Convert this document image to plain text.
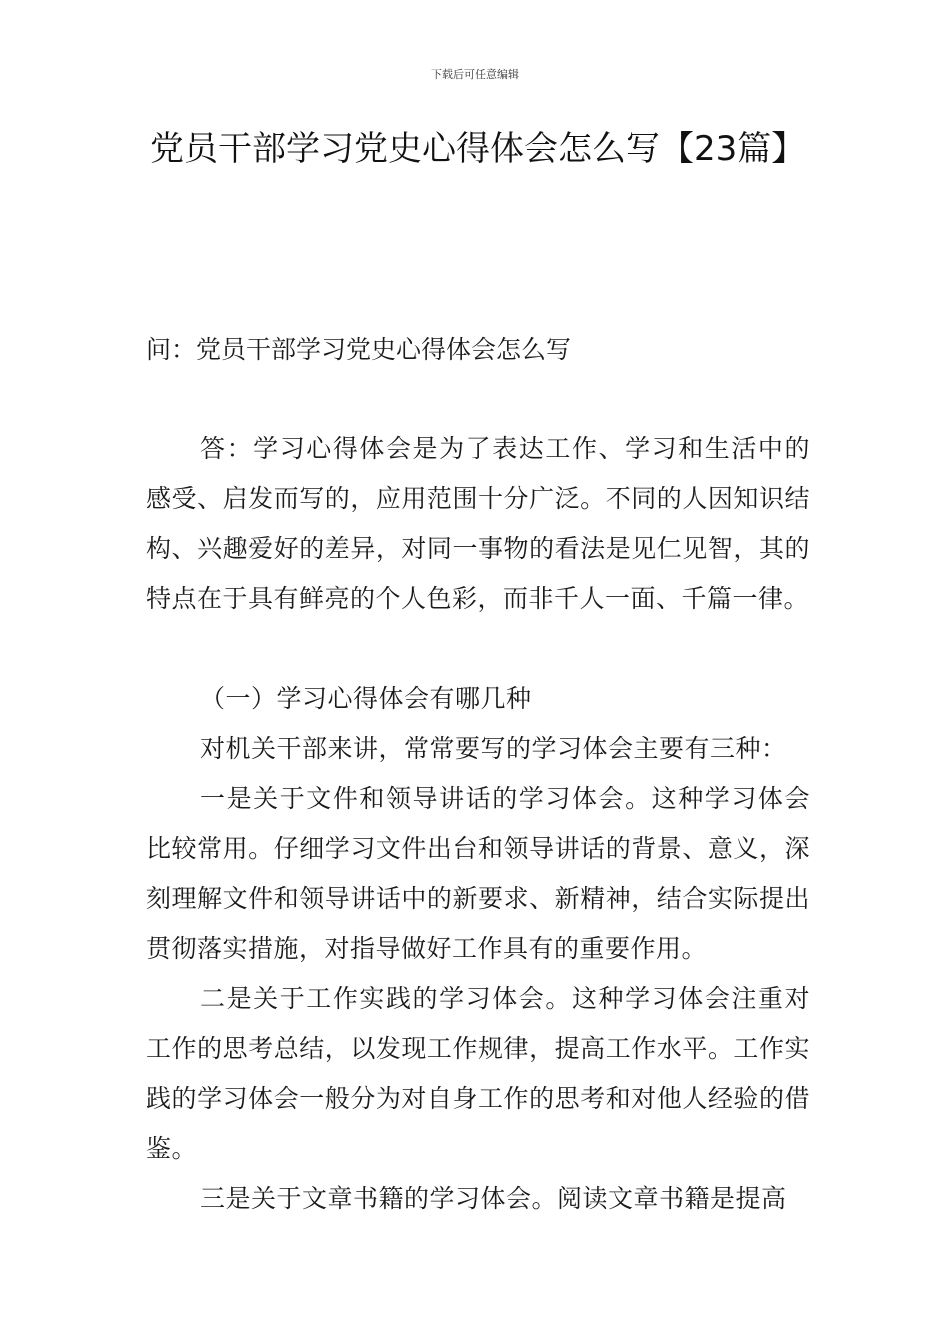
下载后可任意编辑
党员干部学习党史心得体会怎么写【23篇】

问：党员干部学习党史心得体会怎么写

答：学习心得体会是为了表达工作、学习和生活中的感受、启发而写的，应用范围十分广泛。不同的人因知识结构、兴趣爱好的差异，对同一事物的看法是见仁见智，其的特点在于具有鲜亮的个人色彩，而非千人一面、千篇一律。

（一）学习心得体会有哪几种

对机关干部来讲，常常要写的学习体会主要有三种：

一是关于文件和领导讲话的学习体会。这种学习体会比较常用。仔细学习文件出台和领导讲话的背景、意义，深刻理解文件和领导讲话中的新要求、新精神，结合实际提出贯彻落实措施，对指导做好工作具有的重要作用。

二是关于工作实践的学习体会。这种学习体会注重对工作的思考总结，以发现工作规律，提高工作水平。工作实践的学习体会一般分为对自身工作的思考和对他人经验的借鉴。

三是关于文章书籍的学习体会。阅读文章书籍是提高
